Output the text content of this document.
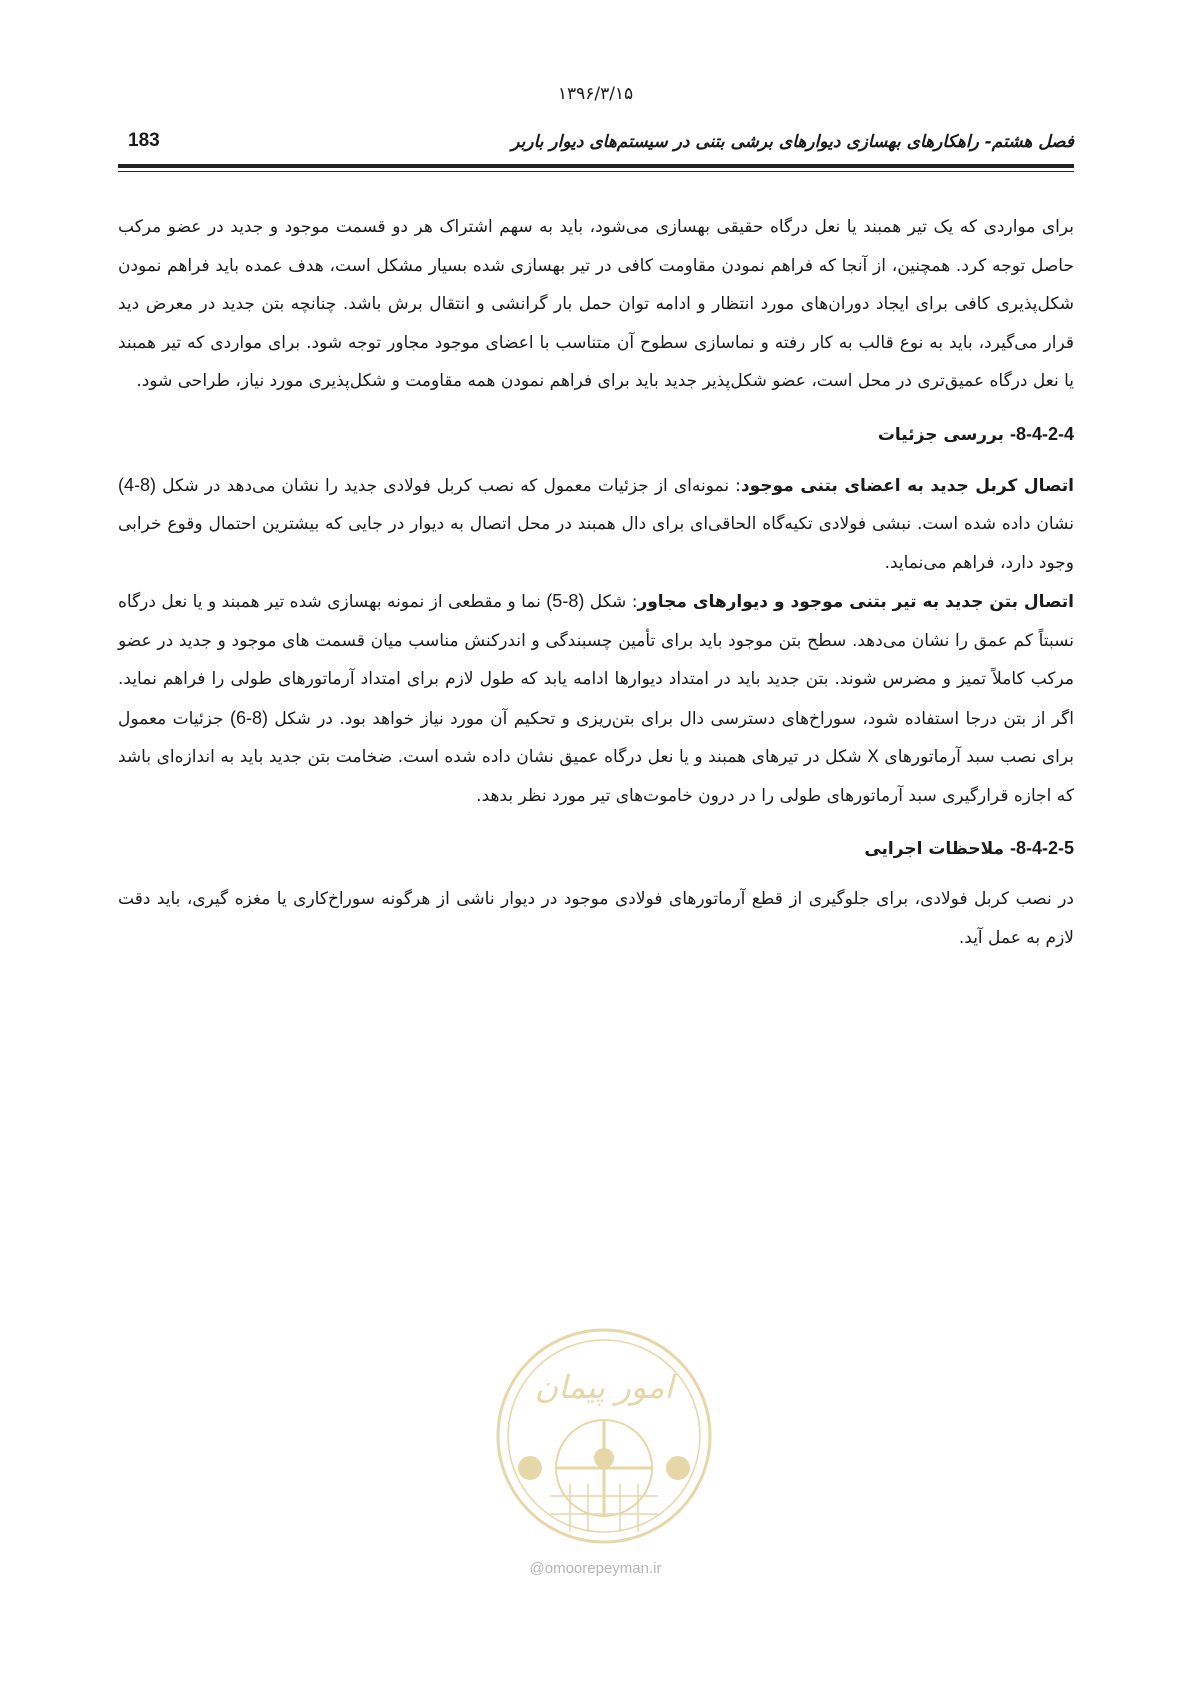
۱۳۹۶/۳/۱۵
فصل هشتم- راهکارهای بهسازی دیوارهای برشی بتنی در سیستم‌های دیوار باربر
183

برای مواردی که یک تیر همبند یا نعل درگاه حقیقی بهسازی می‌شود، باید به سهم اشتراک هر دو قسمت موجود و جدید در عضو مرکب حاصل توجه کرد. همچنین، از آنجا که فراهم نمودن مقاومت کافی در تیر بهسازی شده بسیار مشکل است، هدف عمده باید فراهم نمودن شکل‌پذیری کافی برای ایجاد دوران‌های مورد انتظار و ادامه توان حمل بار گرانشی و انتقال برش باشد. چنانچه بتن جدید در معرض دید قرار می‌گیرد، باید به نوع قالب به کار رفته و نماسازی سطوح آن متناسب با اعضای موجود مجاور توجه شود. برای مواردی که تیر همبند یا نعل درگاه عمیق‌تری در محل است، عضو شکل‌پذیر جدید باید برای فراهم نمودن همه مقاومت و شکل‌پذیری مورد نیاز، طراحی شود.

8-4-2-4- بررسی جزئیات

اتصال کربل جدید به اعضای بتنی موجود: نمونه‌ای از جزئیات معمول که نصب کربل فولادی جدید را نشان می‌دهد در شکل (8-4) نشان داده شده است. نبشی فولادی تکیه‌گاه الحاقی‌ای برای دال همبند در محل اتصال به دیوار در جایی که بیشترین احتمال وقوع خرابی وجود دارد، فراهم می‌نماید.

اتصال بتن جدید به تیر بتنی موجود و دیوارهای مجاور: شکل (8-5) نما و مقطعی از نمونه بهسازی شده تیر همبند و یا نعل درگاه نسبتاً کم عمق را نشان می‌دهد. سطح بتن موجود باید برای تأمین چسبندگی و اندرکنش مناسب میان قسمت های موجود و جدید در عضو مرکب کاملاً تمیز و مضرس شوند. بتن جدید باید در امتداد دیوارها ادامه یابد که طول لازم برای امتداد آرماتورهای طولی را فراهم نماید. اگر از بتن درجا استفاده شود، سوراخ‌های دسترسی دال برای بتن‌ریزی و تحکیم آن مورد نیاز خواهد بود. در شکل (8-6) جزئیات معمول برای نصب سبد آرماتورهای X شکل در تیرهای همبند و یا نعل درگاه عمیق نشان داده شده است. ضخامت بتن جدید باید به اندازه‌ای باشد که اجازه قرارگیری سبد آرماتورهای طولی را در درون خاموت‌های تیر مورد نظر بدهد.

8-4-2-5- ملاحظات اجرایی

در نصب کربل فولادی، برای جلوگیری از قطع آرماتورهای فولادی موجود در دیوار ناشی از هرگونه سوراخ‌کاری یا مغزه گیری، باید دقت لازم به عمل آید.

امور پیمان
@omoorepeyman.ir
